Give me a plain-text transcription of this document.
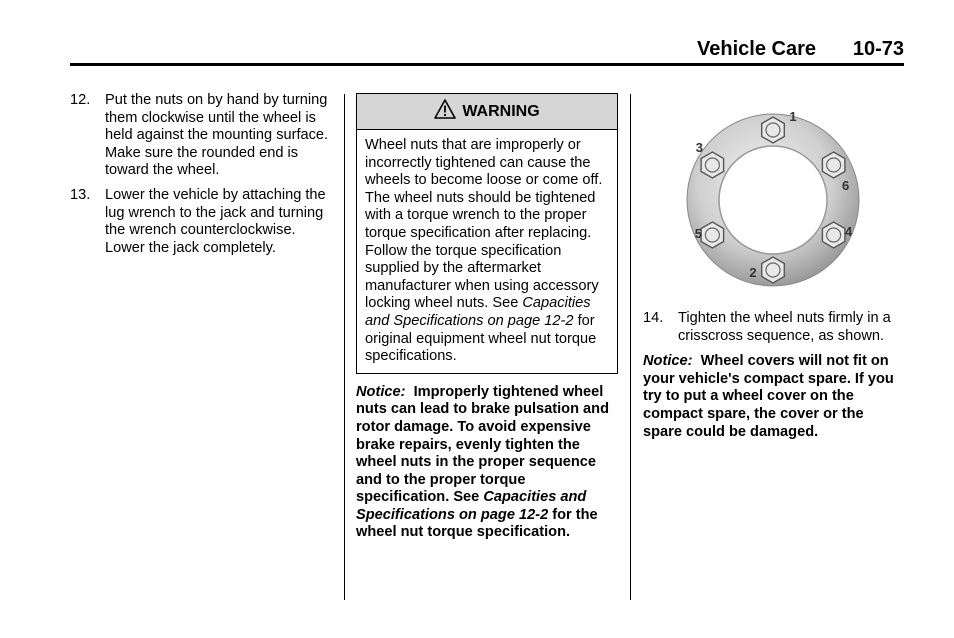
Vehicle Care 10-73
12. Put the nuts on by hand by turning them clockwise until the wheel is held against the mounting surface. Make sure the rounded end is toward the wheel.
13. Lower the vehicle by attaching the lug wrench to the jack and turning the wrench counterclockwise. Lower the jack completely.
WARNING
Wheel nuts that are improperly or incorrectly tightened can cause the wheels to become loose or come off. The wheel nuts should be tightened with a torque wrench to the proper torque specification after replacing. Follow the torque specification supplied by the aftermarket manufacturer when using accessory locking wheel nuts. See Capacities and Specifications on page 12-2 for original equipment wheel nut torque specifications.
Notice: Improperly tightened wheel nuts can lead to brake pulsation and rotor damage. To avoid expensive brake repairs, evenly tighten the wheel nuts in the proper sequence and to the proper torque specification. See Capacities and Specifications on page 12-2 for the wheel nut torque specification.
1
6
4
2
5
3
14. Tighten the wheel nuts firmly in a crisscross sequence, as shown.
Notice: Wheel covers will not fit on your vehicle's compact spare. If you try to put a wheel cover on the compact spare, the cover or the spare could be damaged.
